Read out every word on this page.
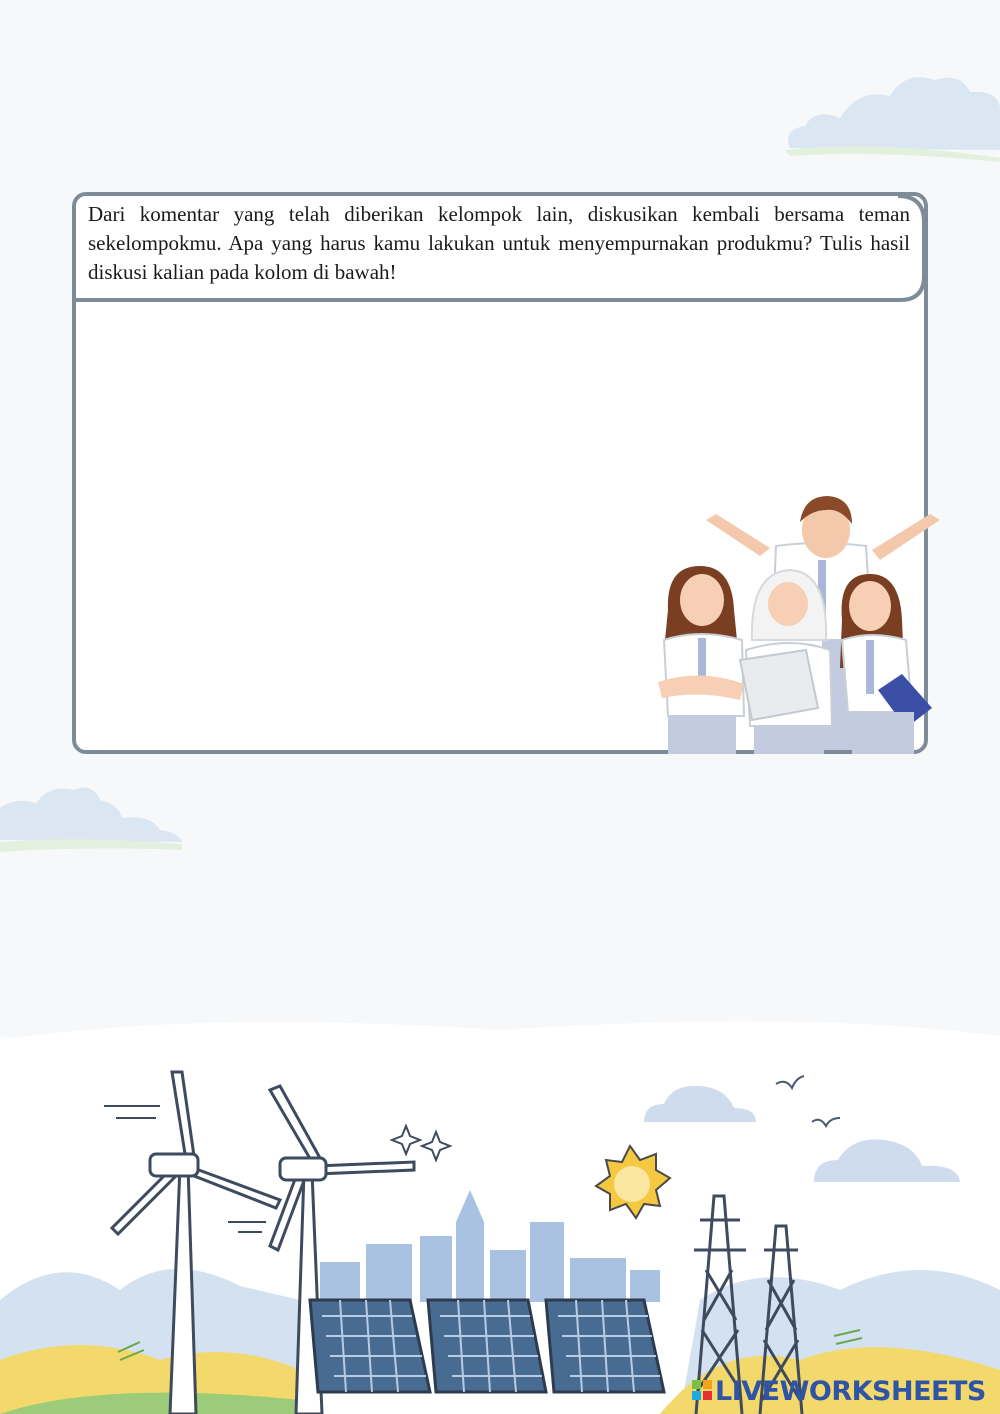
Dari komentar yang telah diberikan kelompok lain, diskusikan kembali bersama teman sekelompokmu. Apa yang harus kamu lakukan untuk menyempurnakan produkmu? Tulis hasil diskusi kalian pada kolom di bawah!

LIVEWORKSHEETS
